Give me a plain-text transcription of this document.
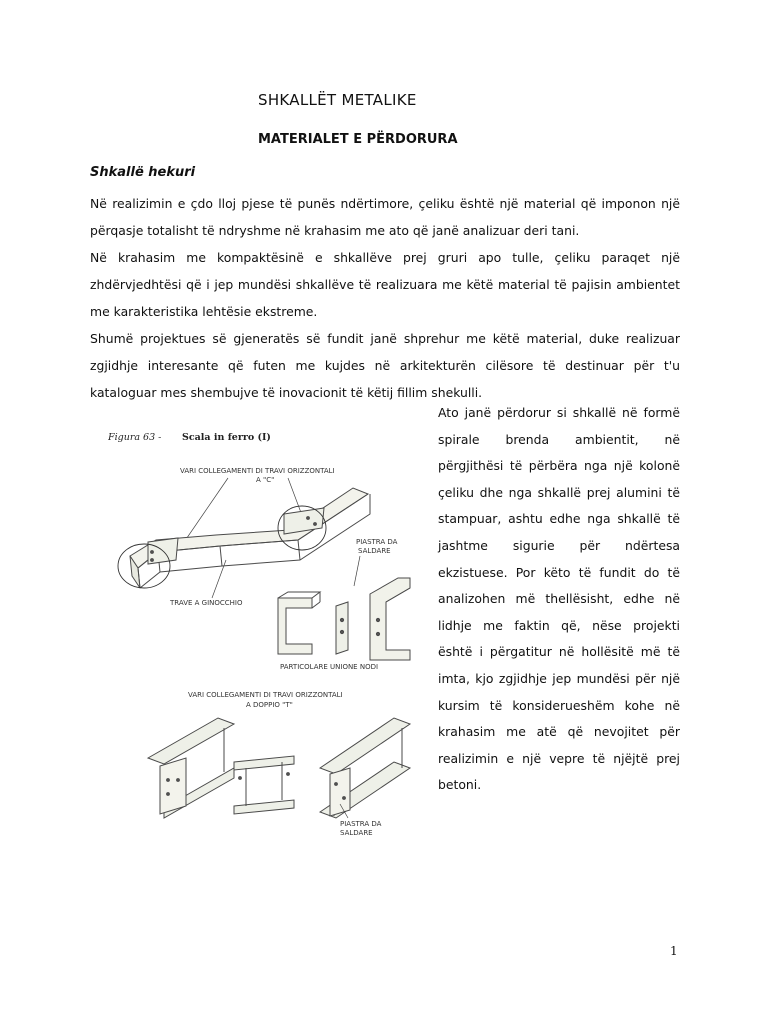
SHKALLËT METALIKE
MATERIALET E PËRDORURA
Shkallë hekuri

Në realizimin e çdo lloj pjese të punës ndërtimore, çeliku është një material që imponon një përqasje totalisht të ndryshme në krahasim me ato që janë analizuar deri tani.

Në krahasim me kompaktësinë e shkallëve prej gruri apo tulle, çeliku paraqet një zhdërvjedhtësi që i jep mundësi shkallëve të realizuara me këtë material të pajisin ambientet me karakteristika lehtësie ekstreme.

Shumë projektues së gjeneratës së fundit janë shprehur me këtë material, duke realizuar zgjidhje interesante që futen me kujdes në arkitekturën cilësore të destinuar për t'u kataloguar mes shembujve të inovacionit të këtij fillim shekulli.

Ato janë përdorur si shkallë në formë spirale brenda ambientit, në përgjithësi të përbëra nga një kolonë çeliku dhe nga shkallë prej alumini të stampuar, ashtu edhe nga shkallë të jashtme sigurie për ndërtesa ekzistuese. Por këto të fundit do të analizohen më thellësisht, edhe në lidhje me faktin që, nëse projekti është i përgatitur në hollësitë më të imta, kjo zgjidhje jep mundësi për një kursim të konsiderueshëm kohe në krahasim me atë që nevojitet për realizimin e një vepre të njëjtë prej betoni.

Figura 63 - Scala in ferro (I)
VARI COLLEGAMENTI DI TRAVI ORIZZONTALI
A "C"
PIASTRA DA
SALDARE
TRAVE A GINOCCHIO
PARTICOLARE UNIONE NODI
VARI COLLEGAMENTI DI TRAVI ORIZZONTALI
A DOPPIO "T"
PIASTRA DA
SALDARE
1
